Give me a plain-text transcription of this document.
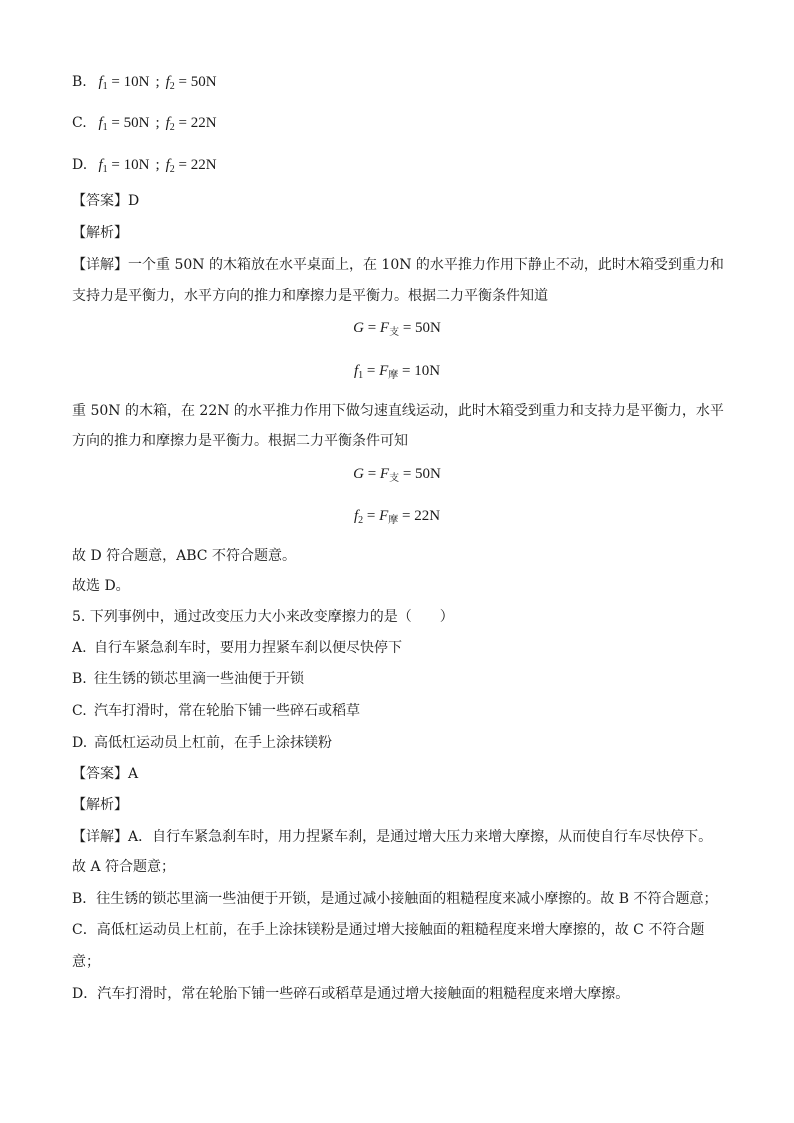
B. $f_1 = 10N$ ; $f_2 = 50N$
C. $f_1 = 50N$ ; $f_2 = 22N$
D. $f_1 = 10N$ ; $f_2 = 22N$
【答案】D
【解析】
【详解】一个重 50N 的木箱放在水平桌面上，在 10N 的水平推力作用下静止不动，此时木箱受到重力和
支持力是平衡力，水平方向的推力和摩擦力是平衡力。根据二力平衡条件知道
$G = F_支 = 50N$
$f_1 = F_摩 = 10N$
重 50N 的木箱，在 22N 的水平推力作用下做匀速直线运动，此时木箱受到重力和支持力是平衡力，水平
方向的推力和摩擦力是平衡力。根据二力平衡条件可知
$G = F_支 = 50N$
$f_2 = F_摩 = 22N$
故 D 符合题意，ABC 不符合题意。
故选 D。
5. 下列事例中，通过改变压力大小来改变摩擦力的是（　　）
A. 自行车紧急刹车时，要用力捏紧车刹以便尽快停下
B. 往生锈的锁芯里滴一些油便于开锁
C. 汽车打滑时，常在轮胎下铺一些碎石或稻草
D. 高低杠运动员上杠前，在手上涂抹镁粉
【答案】A
【解析】
【详解】A．自行车紧急刹车时，用力捏紧车刹，是通过增大压力来增大摩擦，从而使自行车尽快停下。
故 A 符合题意；
B．往生锈的锁芯里滴一些油便于开锁，是通过减小接触面的粗糙程度来减小摩擦的。故 B 不符合题意；
C．高低杠运动员上杠前，在手上涂抹镁粉是通过增大接触面的粗糙程度来增大摩擦的，故 C 不符合题
意；
D．汽车打滑时，常在轮胎下铺一些碎石或稻草是通过增大接触面的粗糙程度来增大摩擦。
